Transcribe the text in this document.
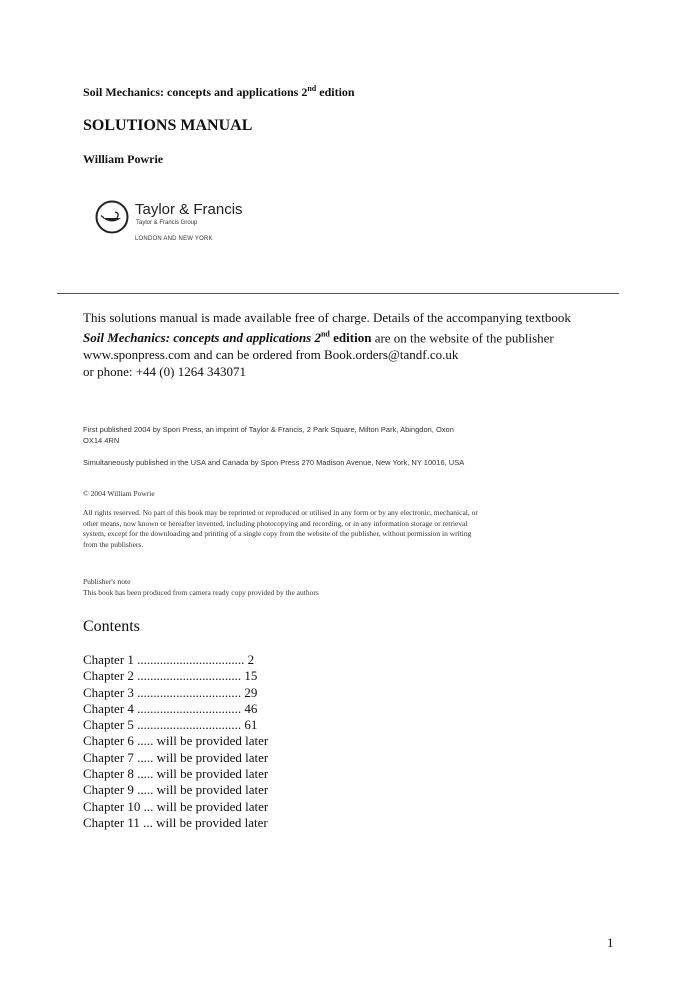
Soil Mechanics: concepts and applications 2nd edition
SOLUTIONS MANUAL
William Powrie
Taylor & Francis
Taylor & Francis Group
LONDON AND NEW YORK
This solutions manual is made available free of charge. Details of the accompanying textbook
Soil Mechanics: concepts and applications 2nd edition are on the website of the publisher
www.sponpress.com and can be ordered from Book.orders@tandf.co.uk
or phone: +44 (0) 1264 343071
First published 2004 by Spon Press, an imprint of Taylor & Francis, 2 Park Square, Milton Park, Abingdon, Oxon OX14 4RN
Simultaneously published in the USA and Canada by Spon Press 270 Madison Avenue, New York, NY 10016, USA
© 2004 William Powrie
All rights reserved. No part of this book may be reprinted or reproduced or utilised in any form or by any electronic, mechanical, or other means, now known or hereafter invented, including photocopying and recording, or in any information storage or retrieval system, except for the downloading and printing of a single copy from the website of the publisher, without permission in writing from the publishers.
Publisher's note
This book has been produced from camera ready copy provided by the authors
Contents
Chapter 1 ................................. 2
Chapter 2 ................................ 15
Chapter 3 ................................ 29
Chapter 4 ................................ 46
Chapter 5 ................................ 61
Chapter 6 ..... will be provided later
Chapter 7 ..... will be provided later
Chapter 8 ..... will be provided later
Chapter 9 ..... will be provided later
Chapter 10 ... will be provided later
Chapter 11 ... will be provided later
1
